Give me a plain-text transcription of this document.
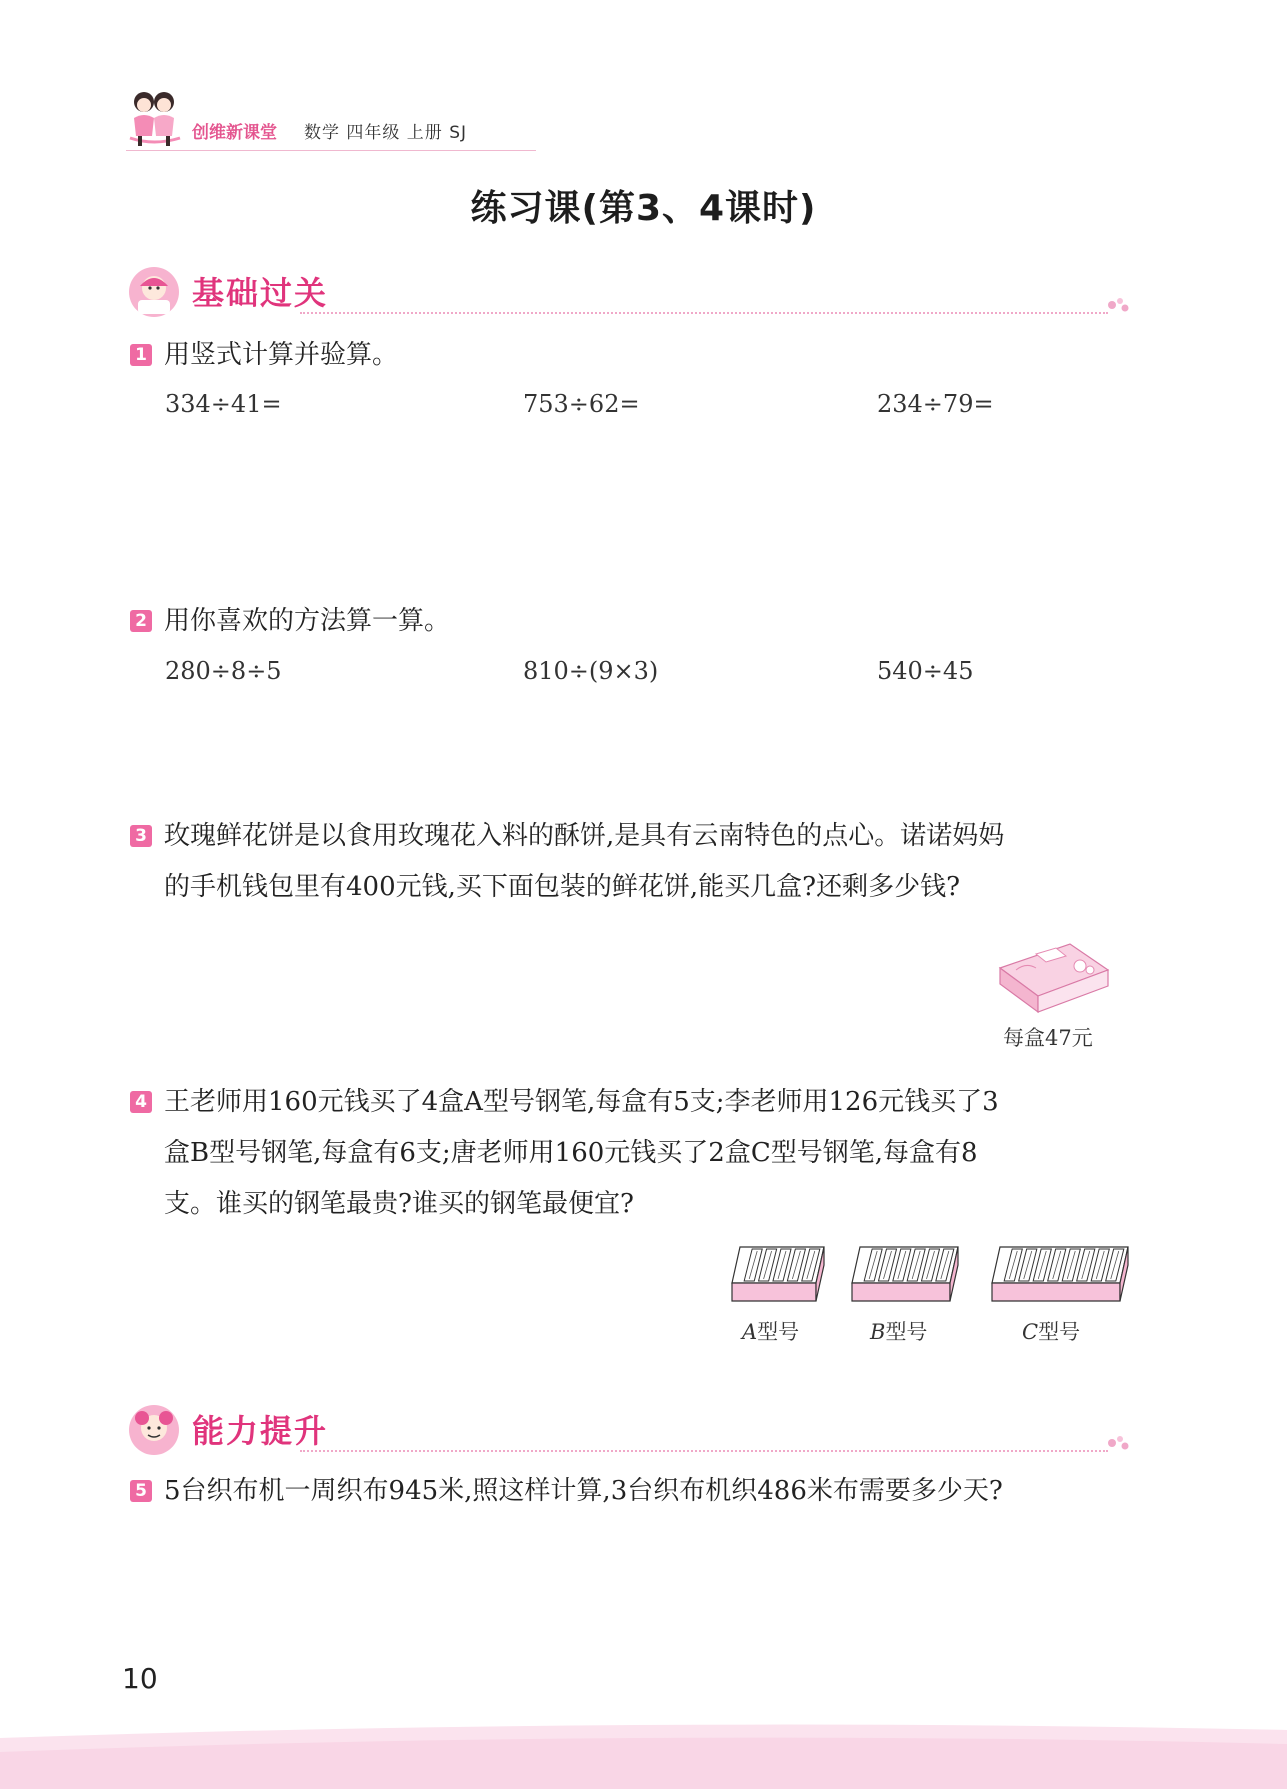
创维新课堂 数学 四年级 上册 SJ
练习课(第3、4课时)
基础过关
1 用竖式计算并验算。
334÷41=	753÷62=	234÷79=
2 用你喜欢的方法算一算。
280÷8÷5	810÷(9×3)	540÷45
3 玫瑰鲜花饼是以食用玫瑰花入料的酥饼,是具有云南特色的点心。诺诺妈妈
的手机钱包里有400元钱,买下面包装的鲜花饼,能买几盒?还剩多少钱?
每盒47元
4 王老师用160元钱买了4盒A型号钢笔,每盒有5支;李老师用126元钱买了3
盒B型号钢笔,每盒有6支;唐老师用160元钱买了2盒C型号钢笔,每盒有8
支。谁买的钢笔最贵?谁买的钢笔最便宜?
A型号	B型号	C型号
能力提升
5 5台织布机一周织布945米,照这样计算,3台织布机织486米布需要多少天?
10
